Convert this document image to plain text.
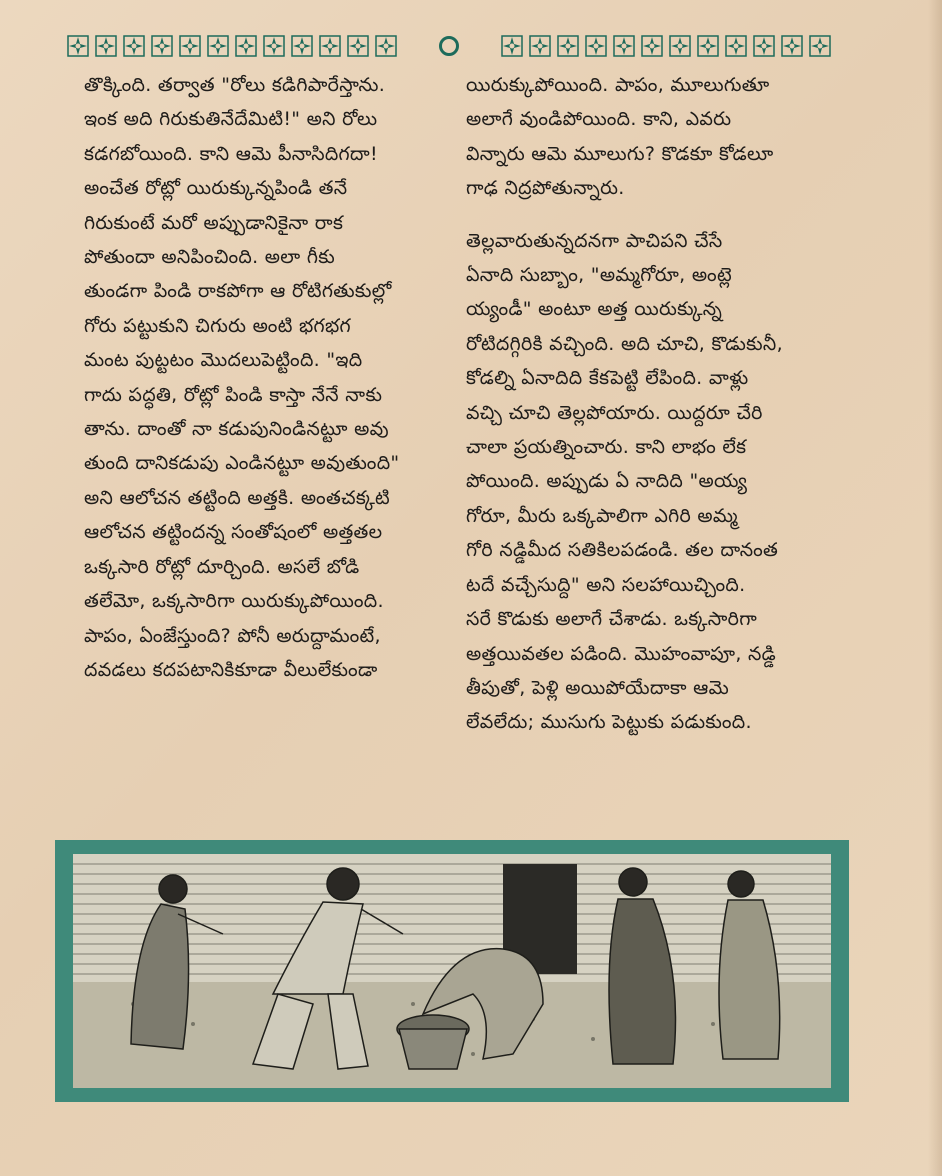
తొక్కింది. తర్వాత "రోలు కడిగిపారేస్తాను.
ఇంక అది గిరుకుతినేదేమిటి!" అని రోలు
కడగబోయింది. కాని ఆమె పీనాసిదిగదా!
అంచేత రోట్లో యిరుక్కున్నపిండి తనే
గిరుకుంటే మరో అప్పుడానికైనా రాక
పోతుందా అనిపించింది. అలా గీకు
తుండగా పిండి రాకపోగా ఆ రోటిగతుకుల్లో
గోరు పట్టుకుని చిగురు అంటి భగభగ
మంట పుట్టటం మొదలుపెట్టింది. "ఇది
గాదు పద్ధతి, రోట్లో పిండి కాస్తా నేనే నాకు
తాను. దాంతో నా కడుపునిండినట్టూ అవు
తుంది దానికడుపు ఎండినట్టూ అవుతుంది"
అని ఆలోచన తట్టింది అత్తకి. అంతచక్కటి
ఆలోచన తట్టిందన్న సంతోషంలో అత్తతల
ఒక్కసారి రోట్లో దూర్చింది. అసలే బోడి
తలేమో, ఒక్కసారిగా యిరుక్కుపోయింది.
పాపం, ఏంజేస్తుంది? పోనీ అరుద్దామంటే,
దవడలు కదపటానికికూడా వీలులేకుండా

యిరుక్కుపోయింది. పాపం, మూలుగుతూ
అలాగే వుండిపోయింది. కాని, ఎవరు
విన్నారు ఆమె మూలుగు? కొడకూ కోడలూ
గాఢ నిద్రపోతున్నారు.

తెల్లవారుతున్నదనగా పాచిపని చేసే
ఏనాది సుబ్బాం, "అమ్మగోరూ, అంట్లె
య్యండీ" అంటూ అత్త యిరుక్కున్న
రోటిదగ్గిరికి వచ్చింది. అది చూచి, కొడుకునీ,
కోడల్ని ఏనాదిది కేకపెట్టి లేపింది. వాళ్లు
వచ్చి చూచి తెల్లపోయారు. యిద్దరూ చేరి
చాలా ప్రయత్నించారు. కాని లాభం లేక
పోయింది. అప్పుడు ఏ నాదిది "అయ్య
గోరూ, మీరు ఒక్కపాలిగా ఎగిరి అమ్మ
గోరి నడ్డిమీద సతికిలపడండి. తల దానంత
టదే వచ్చేసుద్ది" అని సలహాయిచ్చింది.
సరే కొడుకు అలాగే చేశాడు. ఒక్కసారిగా
అత్తయివతల పడింది. మొహంవాపూ, నడ్డి
తీపుతో, పెళ్లి అయిపోయేదాకా ఆమె
లేవలేదు; ముసుగు పెట్టుకు పడుకుంది.
